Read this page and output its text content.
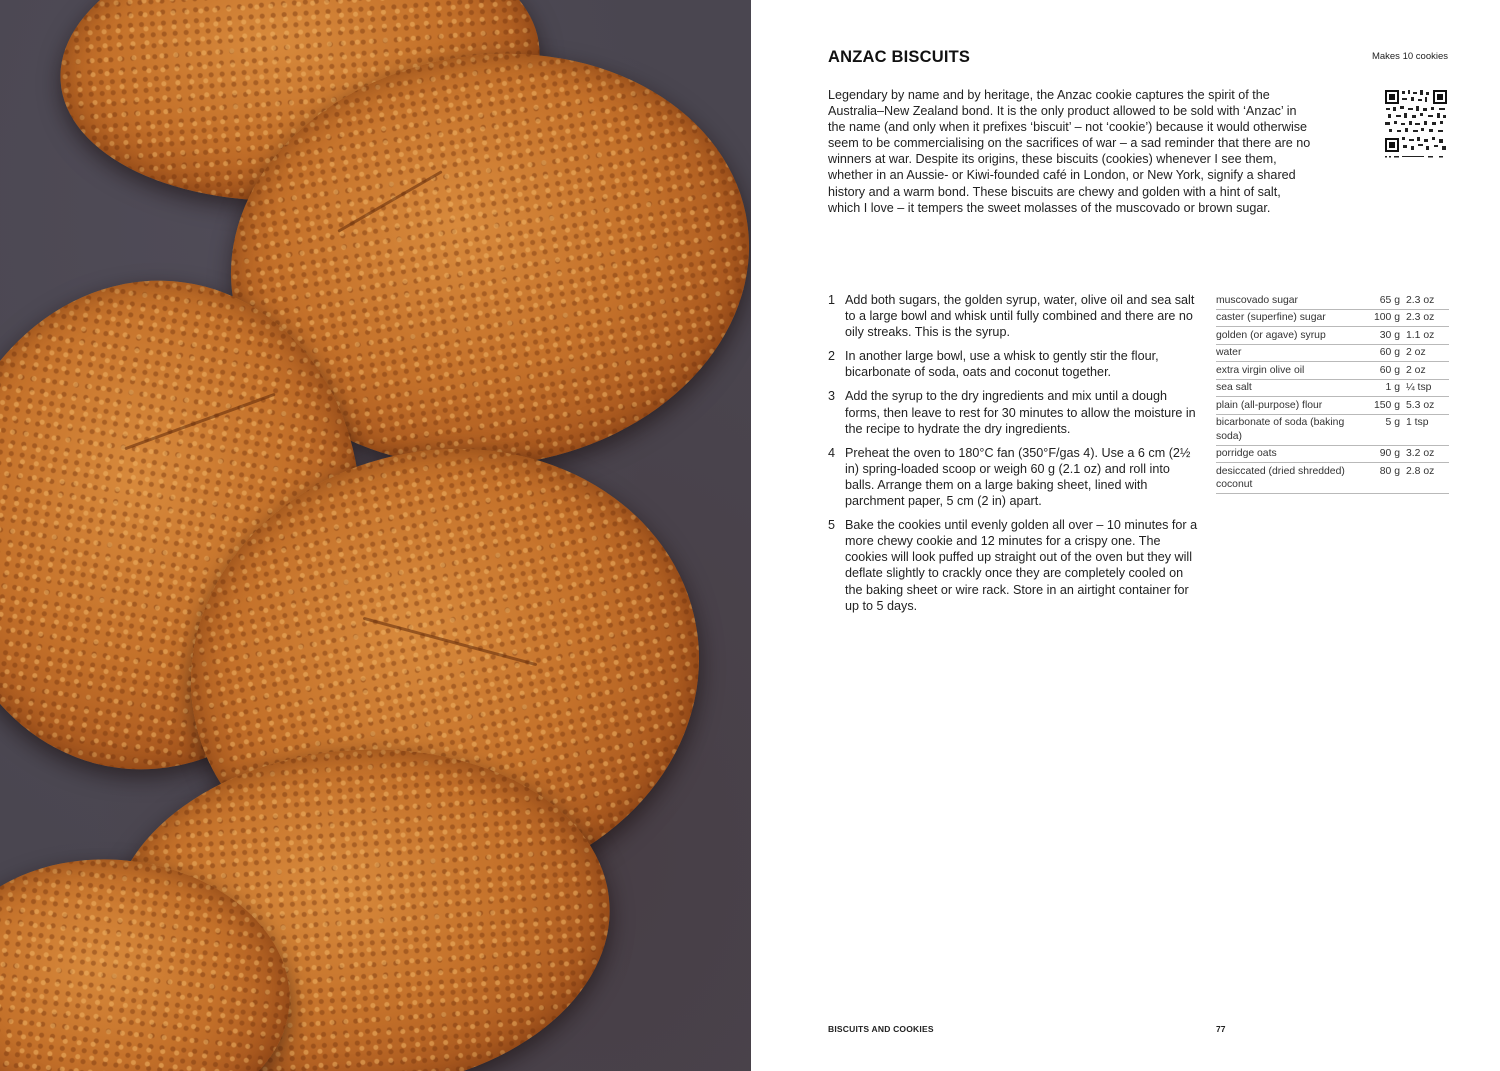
ANZAC BISCUITS	Makes 10 cookies

Legendary by name and by heritage, the Anzac cookie captures the spirit of the Australia–New Zealand bond. It is the only product allowed to be sold with ‘Anzac’ in the name (and only when it prefixes ‘biscuit’ – not ‘cookie’) because it would otherwise seem to be commercialising on the sacrifices of war – a sad reminder that there are no winners at war. Despite its origins, these biscuits (cookies) whenever I see them, whether in an Aussie- or Kiwi-founded café in London, or New York, signify a shared history and a warm bond. These biscuits are chewy and golden with a hint of salt, which I love – it tempers the sweet molasses of the muscovado or brown sugar.

1 Add both sugars, the golden syrup, water, olive oil and sea salt to a large bowl and whisk until fully combined and there are no oily streaks. This is the syrup.
2 In another large bowl, use a whisk to gently stir the flour, bicarbonate of soda, oats and coconut together.
3 Add the syrup to the dry ingredients and mix until a dough forms, then leave to rest for 30 minutes to allow the moisture in the recipe to hydrate the dry ingredients.
4 Preheat the oven to 180°C fan (350°F/gas 4). Use a 6 cm (2½ in) spring-loaded scoop or weigh 60 g (2.1 oz) and roll into balls. Arrange them on a large baking sheet, lined with parchment paper, 5 cm (2 in) apart.
5 Bake the cookies until evenly golden all over – 10 minutes for a more chewy cookie and 12 minutes for a crispy one. The cookies will look puffed up straight out of the oven but they will deflate slightly to crackly once they are completely cooled on the baking sheet or wire rack. Store in an airtight container for up to 5 days.
muscovado sugar	65 g	2.3 oz
caster (superfine) sugar	100 g	2.3 oz
golden (or agave) syrup	30 g	1.1 oz
water	60 g	2 oz
extra virgin olive oil	60 g	2 oz
sea salt	1 g	¼ tsp
plain (all-purpose) flour	150 g	5.3 oz
bicarbonate of soda (baking soda)	5 g	1 tsp
porridge oats	90 g	3.2 oz
desiccated (dried shredded) coconut	80 g	2.8 oz
BISCUITS AND COOKIES	77
